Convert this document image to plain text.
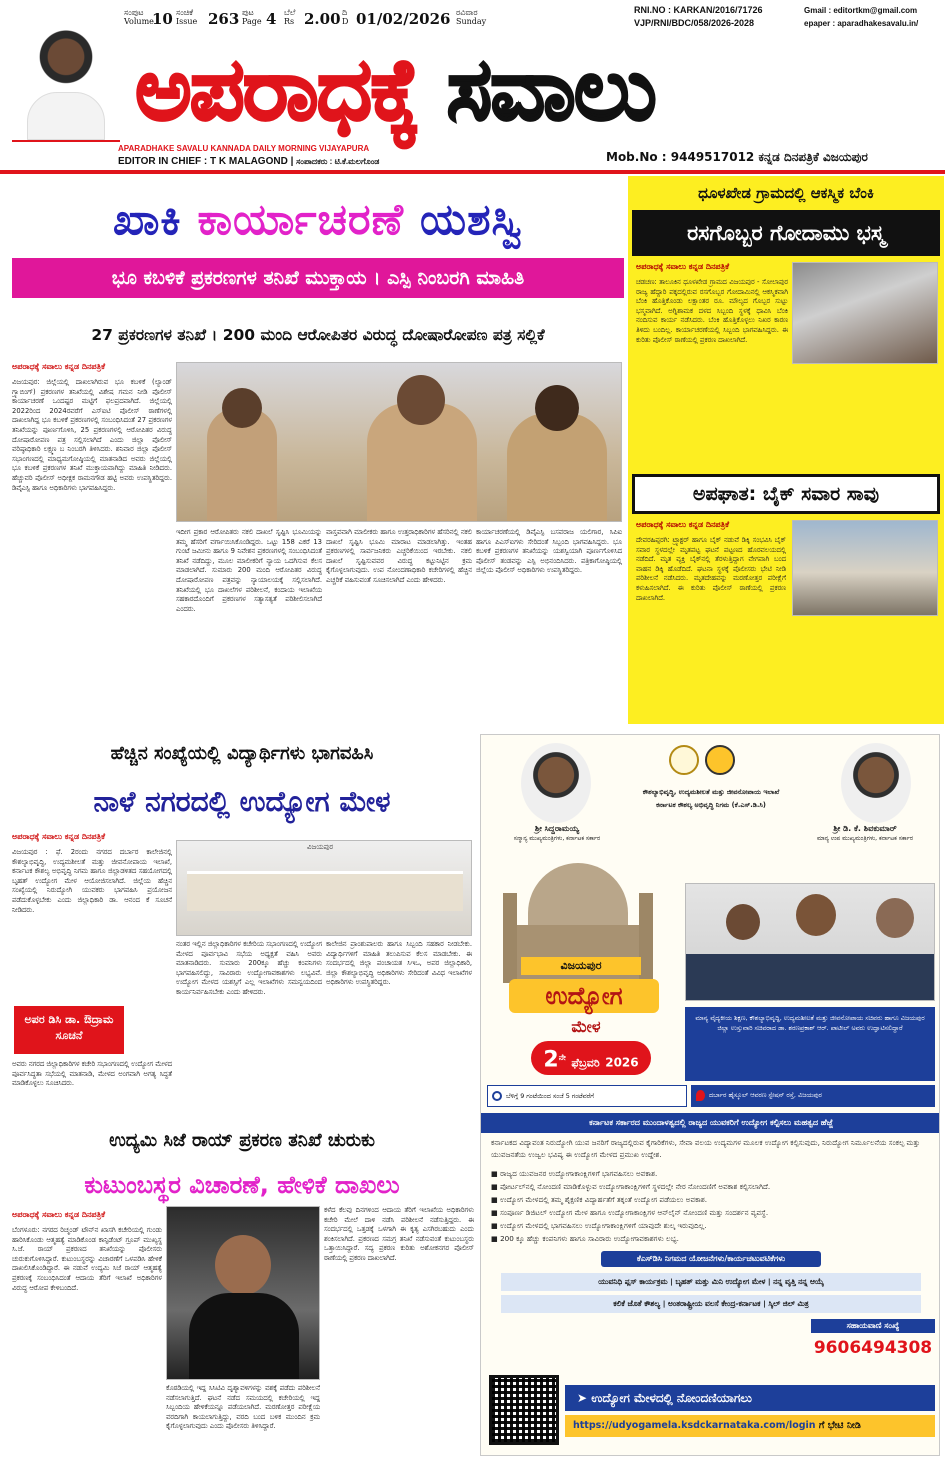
ಸಂಪುಟ
Volume
10 ಸಂಚಿಕೆ
Issue 263 ಪುಟ
Page 4 ಬೆಲೆ
Rs 2.00 ದಿ
D 01/02/2026 ರವಿವಾರ
Sunday
RNI.NO : KARKAN/2016/71726
VJP/RNI/BDC/058/2026-2028
Gmail : editortkm@gmail.com
epaper : aparadhakesavalu.in/
ಅಪರಾಧಕ್ಕೆ ಸವಾಲು
APARADHAKE SAVALU KANNADA DAILY MORNING VIJAYAPURA
EDITOR IN CHIEF : T K MALAGOND | ಸಂಪಾದಕರು : ಟಿ.ಕೆ.ಮಲಗೊಂಡ	Mob.No : 9449517012 ಕನ್ನಡ ದಿನಪತ್ರಿಕೆ ವಿಜಯಪುರ
ಖಾಕಿ ಕಾರ್ಯಾಚರಣೆ ಯಶಸ್ವಿ
ಭೂ ಕಬಳಿಕೆ ಪ್ರಕರಣಗಳ ತನಿಖೆ ಮುಕ್ತಾಯ । ಎಸ್ಪಿ ನಿಂಬರಗಿ ಮಾಹಿತಿ
27 ಪ್ರಕರಣಗಳ ತನಿಖೆ । 200 ಮಂದಿ ಆರೋಪಿತರ ವಿರುದ್ಧ ದೋಷಾರೋಪಣ ಪತ್ರ ಸಲ್ಲಿಕೆ
ಅಪರಾಧಕ್ಕೆ ಸವಾಲು ಕನ್ನಡ ದಿನಪತ್ರಿಕೆ
ವಿಜಯಪುರ: ಜಿಲ್ಲೆಯಲ್ಲಿ ದಾಖಲಾಗಿರುವ ಭೂ ಕಬಳಿಕೆ (ಲ್ಯಾಂಡ್ ಗ್ರ್ಯಾಬಿಂಗ್) ಪ್ರಕರಣಗಳ ತನಿಖೆಯಲ್ಲಿ ವಿಶೇಷ ಗಮನ ನೀಡಿ ಪೊಲೀಸ್ ಕಾರ್ಯಾಚರಣೆ ಒಂದಷ್ಟರ ಮಟ್ಟಿಗೆ ಫಲಪ್ರದವಾಗಿದೆ. ಜಿಲ್ಲೆಯಲ್ಲಿ 2022ರಿಂದ 2024ರವರೆಗೆ ಎಸ್ಐಟಿ ಪೊಲೀಸ್ ಠಾಣೆಗಳಲ್ಲಿ ದಾಖಲಾಗಿದ್ದ ಭೂ ಕಬಳಿಕೆ ಪ್ರಕರಣಗಳಲ್ಲಿ ಸಂಬಂಧಿಸಿದಂತೆ 27 ಪ್ರಕರಣಗಳ ತನಿಖೆಯನ್ನು ಪೂರ್ಣಗೊಳಿಸಿ, 25 ಪ್ರಕರಣಗಳಲ್ಲಿ ಆರೋಪಿತರ ವಿರುದ್ಧ ದೋಷಾರೋಪಣ ಪತ್ರ ಸಲ್ಲಿಸಲಾಗಿದೆ ಎಂದು ಜಿಲ್ಲಾ ಪೊಲೀಸ್ ವರಿಷ್ಠಾಧಿಕಾರಿ ಲಕ್ಷ್ಮಣ ಬ ನಿಂಬರಗಿ ತಿಳಿಸಿದರು. ಶನಿವಾರ ಜಿಲ್ಲಾ ಪೊಲೀಸ್ ಸಭಾಂಗಣದಲ್ಲಿ ಮಾಧ್ಯಮಗೋಷ್ಠಿಯಲ್ಲಿ ಮಾತನಾಡಿದ ಅವರು ಜಿಲ್ಲೆಯಲ್ಲಿ ಭೂ ಕಬಳಿಕೆ ಪ್ರಕರಣಗಳ ತನಿಖೆ ಮುಕ್ತಾಯವಾಗಿದ್ದು ಮಾಹಿತಿ ನೀಡಿದರು. ಹೆಚ್ಚುವರಿ ಪೊಲೀಸ್ ಅಧೀಕ್ಷಕ ರಾಮನಗೌಡ ಹಟ್ಟಿ ಅವರು ಉಪಸ್ಥಿತರಿದ್ದರು. ಡಿವೈಎಸ್ಪಿ ಹಾಗೂ ಅಧಿಕಾರಿಗಳು ಭಾಗವಹಿಸಿದ್ದರು.
ಇದೀಗ ಪ್ರಕಾರ ಆರೋಪಿತರು ನಕಲಿ ದಾಖಲೆ ಸೃಷ್ಟಿಸಿ ಭೂಮಿಯನ್ನು ತಮ್ಮ ಹೆಸರಿಗೆ ವರ್ಗಾಯಿಸಿಕೊಂಡಿದ್ದರು. ಒಟ್ಟು 158 ಎಕರೆ 13 ಗುಂಟೆ ಜಮೀನು ಹಾಗೂ 9 ನಿವೇಶನ ಪ್ರಕರಣಗಳಲ್ಲಿ ಸಂಬಂಧಿಸಿದಂತೆ ತನಿಖೆ ನಡೆದಿದ್ದು, ಮೂಲ ಮಾಲೀಕರಿಗೆ ನ್ಯಾಯ ಒದಗಿಸುವ ಕೆಲಸ ಮಾಡಲಾಗಿದೆ. ಸುಮಾರು 200 ಮಂದಿ ಆರೋಪಿತರ ವಿರುದ್ಧ ದೋಷಾರೋಪಣ ಪತ್ರವನ್ನು ನ್ಯಾಯಾಲಯಕ್ಕೆ ಸಲ್ಲಿಸಲಾಗಿದೆ. ತನಿಖೆಯಲ್ಲಿ ಭೂ ದಾಖಲೆಗಳ ಪರಿಶೀಲನೆ, ಕಂದಾಯ ಇಲಾಖೆಯ ಸಹಕಾರದೊಂದಿಗೆ ಪ್ರಕರಣಗಳ ಸತ್ಯಾಸತ್ಯತೆ ಪರಿಶೀಲಿಸಲಾಗಿದೆ ಎಂದರು.
ವಾಸ್ತವವಾಗಿ ಮಾಲೀಕರು ಹಾಗೂ ಉತ್ತರಾಧಿಕಾರಿಗಳ ಹೆಸರಿನಲ್ಲಿ ನಕಲಿ ದಾಖಲೆ ಸೃಷ್ಟಿಸಿ ಭೂಮಿ ಮಾರಾಟ ಮಾಡಲಾಗಿತ್ತು. ಇಂತಹ ಪ್ರಕರಣಗಳಲ್ಲಿ ಸಾರ್ವಜನಿಕರು ಎಚ್ಚರಿಕೆಯಿಂದ ಇರಬೇಕು. ನಕಲಿ ದಾಖಲೆ ಸೃಷ್ಟಿಸುವವರ ವಿರುದ್ಧ ಕಟ್ಟುನಿಟ್ಟಿನ ಕ್ರಮ ಕೈಗೊಳ್ಳಲಾಗುವುದು. ಉಪ ನೋಂದಣಾಧಿಕಾರಿ ಕಚೇರಿಗಳಲ್ಲಿ ಹೆಚ್ಚಿನ ಎಚ್ಚರಿಕೆ ವಹಿಸುವಂತೆ ಸೂಚಿಸಲಾಗಿದೆ ಎಂದು ಹೇಳಿದರು.
ಕಾರ್ಯಾಚರಣೆಯಲ್ಲಿ ಡಿವೈಎಸ್ಪಿ ಬಸವರಾಜ ಯಲಿಗಾರ, ಸಿಪಿಐ ಹಾಗೂ ಪಿಎಸ್ಐಗಳು ಸೇರಿದಂತೆ ಸಿಬ್ಬಂದಿ ಭಾಗವಹಿಸಿದ್ದರು. ಭೂ ಕಬಳಿಕೆ ಪ್ರಕರಣಗಳ ತನಿಖೆಯನ್ನು ಯಶಸ್ವಿಯಾಗಿ ಪೂರ್ಣಗೊಳಿಸಿದ ಪೊಲೀಸ್ ತಂಡವನ್ನು ಎಸ್ಪಿ ಅಭಿನಂದಿಸಿದರು. ಪತ್ರಿಕಾಗೋಷ್ಠಿಯಲ್ಲಿ ಜಿಲ್ಲೆಯ ಪೊಲೀಸ್ ಅಧಿಕಾರಿಗಳು ಉಪಸ್ಥಿತರಿದ್ದರು.
ಧೂಳಖೇಡ ಗ್ರಾಮದಲ್ಲಿ ಆಕಸ್ಮಿಕ ಬೆಂಕಿ
ರಸಗೊಬ್ಬರ ಗೋದಾಮು ಭಸ್ಮ
ಅಪರಾಧಕ್ಕೆ ಸವಾಲು ಕನ್ನಡ ದಿನಪತ್ರಿಕೆ
ಚಡಚಣ: ತಾಲೂಕಿನ ಧೂಳಖೇಡ ಗ್ರಾಮದ ವಿಜಯಪುರ - ಸೋಲಾಪುರ ರಾಜ್ಯ ಹೆದ್ದಾರಿ ಪಕ್ಕದಲ್ಲಿರುವ ರಸಗೊಬ್ಬರ ಗೋದಾಮಿನಲ್ಲಿ ಆಕಸ್ಮಿಕವಾಗಿ ಬೆಂಕಿ ಹೊತ್ತಿಕೊಂಡು ಲಕ್ಷಾಂತರ ರೂ. ಮೌಲ್ಯದ ಗೊಬ್ಬರ ಸುಟ್ಟು ಭಸ್ಮವಾಗಿದೆ. ಅಗ್ನಿಶಾಮಕ ದಳದ ಸಿಬ್ಬಂದಿ ಸ್ಥಳಕ್ಕೆ ಧಾವಿಸಿ ಬೆಂಕಿ ನಂದಿಸುವ ಕಾರ್ಯ ನಡೆಸಿದರು. ಬೆಂಕಿ ಹೊತ್ತಿಕೊಳ್ಳಲು ನಿಖರ ಕಾರಣ ತಿಳಿದು ಬಂದಿಲ್ಲ. ಕಾರ್ಯಾಚರಣೆಯಲ್ಲಿ ಸಿಬ್ಬಂದಿ ಭಾಗವಹಿಸಿದ್ದರು. ಈ ಕುರಿತು ಪೊಲೀಸ್ ಠಾಣೆಯಲ್ಲಿ ಪ್ರಕರಣ ದಾಖಲಾಗಿದೆ.
ಅಪಘಾತ: ಬೈಕ್ ಸವಾರ ಸಾವು
ಅಪರಾಧಕ್ಕೆ ಸವಾಲು ಕನ್ನಡ ದಿನಪತ್ರಿಕೆ
ದೇವರಹಿಪ್ಪರಗಿ: ಟ್ರ್ಯಾಕ್ಟರ್ ಹಾಗೂ ಬೈಕ್ ನಡುವೆ ಡಿಕ್ಕಿ ಸಂಭವಿಸಿ ಬೈಕ್ ಸವಾರ ಸ್ಥಳದಲ್ಲೇ ಮೃತಪಟ್ಟ ಘಟನೆ ಪಟ್ಟಣದ ಹೊರವಲಯದಲ್ಲಿ ನಡೆದಿದೆ. ಮೃತ ವ್ಯಕ್ತಿ ಬೈಕ್‌ನಲ್ಲಿ ತೆರಳುತ್ತಿದ್ದಾಗ ವೇಗವಾಗಿ ಬಂದ ವಾಹನ ಡಿಕ್ಕಿ ಹೊಡೆದಿದೆ. ಘಟನಾ ಸ್ಥಳಕ್ಕೆ ಪೊಲೀಸರು ಭೇಟಿ ನೀಡಿ ಪರಿಶೀಲನೆ ನಡೆಸಿದರು. ಮೃತದೇಹವನ್ನು ಮರಣೋತ್ತರ ಪರೀಕ್ಷೆಗೆ ಕಳುಹಿಸಲಾಗಿದೆ. ಈ ಕುರಿತು ಪೊಲೀಸ್ ಠಾಣೆಯಲ್ಲಿ ಪ್ರಕರಣ ದಾಖಲಾಗಿದೆ.
ಹೆಚ್ಚಿನ ಸಂಖ್ಯೆಯಲ್ಲಿ ವಿದ್ಯಾರ್ಥಿಗಳು ಭಾಗವಹಿಸಿ
ನಾಳೆ ನಗರದಲ್ಲಿ ಉದ್ಯೋಗ ಮೇಳ
ಅಪರಾಧಕ್ಕೆ ಸವಾಲು ಕನ್ನಡ ದಿನಪತ್ರಿಕೆ
ವಿಜಯಪುರ : ಫೆ. 2ರಂದು ನಗರದ ದರ್ಬಾರ ಕಾಲೇಜಿನಲ್ಲಿ ಕೌಶಲ್ಯಾಭಿವೃದ್ಧಿ, ಉದ್ಯಮಶೀಲತೆ ಮತ್ತು ಜೀವನೋಪಾಯ ಇಲಾಖೆ, ಕರ್ನಾಟಕ ಕೌಶಲ್ಯ ಅಭಿವೃದ್ಧಿ ನಿಗಮ ಹಾಗೂ ಜಿಲ್ಲಾಡಳಿತದ ಸಹಯೋಗದಲ್ಲಿ ಬೃಹತ್ ಉದ್ಯೋಗ ಮೇಳ ಆಯೋಜಿಸಲಾಗಿದೆ. ಜಿಲ್ಲೆಯ ಹೆಚ್ಚಿನ ಸಂಖ್ಯೆಯಲ್ಲಿ ನಿರುದ್ಯೋಗಿ ಯುವಕರು ಭಾಗವಹಿಸಿ ಪ್ರಯೋಜನ ಪಡೆದುಕೊಳ್ಳಬೇಕು ಎಂದು ಜಿಲ್ಲಾಧಿಕಾರಿ ಡಾ. ಆನಂದ ಕೆ ಸೂಚನೆ ನೀಡಿದರು.
ವಿಜಯಪುರ
ನಂತರ ಇಲ್ಲಿನ ಜಿಲ್ಲಾಧಿಕಾರಿಗಳ ಕಚೇರಿಯ ಸಭಾಂಗಣದಲ್ಲಿ ಉದ್ಯೋಗ ಮೇಳದ ಪೂರ್ವಭಾವಿ ಸಭೆಯ ಅಧ್ಯಕ್ಷತೆ ವಹಿಸಿ ಅವರು ಮಾತನಾಡಿದರು. ಸುಮಾರು 200ಕ್ಕೂ ಹೆಚ್ಚು ಕಂಪನಿಗಳು ಭಾಗವಹಿಸಲಿದ್ದು, ಸಾವಿರಾರು ಉದ್ಯೋಗಾವಕಾಶಗಳು ಲಭ್ಯವಿವೆ. ಉದ್ಯೋಗ ಮೇಳದ ಯಶಸ್ಸಿಗೆ ಎಲ್ಲ ಇಲಾಖೆಗಳು ಸಮನ್ವಯದಿಂದ ಕಾರ್ಯನಿರ್ವಹಿಸಬೇಕು ಎಂದು ಹೇಳಿದರು.
ಕಾಲೇಜಿನ ಪ್ರಾಂಶುಪಾಲರು ಹಾಗೂ ಸಿಬ್ಬಂದಿ ಸಹಕಾರ ನೀಡಬೇಕು. ವಿದ್ಯಾರ್ಥಿಗಳಿಗೆ ಮಾಹಿತಿ ತಲುಪಿಸುವ ಕೆಲಸ ಮಾಡಬೇಕು. ಈ ಸಂದರ್ಭದಲ್ಲಿ ಜಿಲ್ಲಾ ಪಂಚಾಯತ ಸಿಇಒ, ಅಪರ ಜಿಲ್ಲಾಧಿಕಾರಿ, ಜಿಲ್ಲಾ ಕೌಶಲ್ಯಾಭಿವೃದ್ಧಿ ಅಧಿಕಾರಿಗಳು ಸೇರಿದಂತೆ ವಿವಿಧ ಇಲಾಖೆಗಳ ಅಧಿಕಾರಿಗಳು ಉಪಸ್ಥಿತರಿದ್ದರು.
ಅಪರ ಡಿಸಿ ಡಾ. ಔದ್ರಾಮ ಸೂಚನೆ
ಅವರು ನಗರದ ಜಿಲ್ಲಾಧಿಕಾರಿಗಳ ಕಚೇರಿ ಸಭಾಂಗಣದಲ್ಲಿ ಉದ್ಯೋಗ ಮೇಳದ ಪೂರ್ವಸಿದ್ಧತಾ ಸಭೆಯಲ್ಲಿ ಮಾತನಾಡಿ, ಮೇಳದ ಅಂಗವಾಗಿ ಅಗತ್ಯ ಸಿದ್ಧತೆ ಮಾಡಿಕೊಳ್ಳಲು ಸೂಚಿಸಿದರು.
ಉದ್ಯಮಿ ಸಿಜೆ ರಾಯ್ ಪ್ರಕರಣ ತನಿಖೆ ಚುರುಕು
ಕುಟುಂಬಸ್ಥರ ವಿಚಾರಣೆ, ಹೇಳಿಕೆ ದಾಖಲು
ಅಪರಾಧಕ್ಕೆ ಸವಾಲು ಕನ್ನಡ ದಿನಪತ್ರಿಕೆ
ಬೆಂಗಳೂರು: ನಗರದ ರಿಚ್ಮಂಡ್ ಟೌನ್‌ನ ಖಾಸಗಿ ಕಚೇರಿಯಲ್ಲಿ ಗುಂಡು ಹಾರಿಸಿಕೊಂಡು ಆತ್ಮಹತ್ಯೆ ಮಾಡಿಕೊಂಡ ಕಾನ್ಫಿಡೆಂಟ್ ಗ್ರೂಪ್ ಮುಖ್ಯಸ್ಥ ಸಿ.ಜೆ. ರಾಯ್ ಪ್ರಕರಣದ ತನಿಖೆಯನ್ನು ಪೊಲೀಸರು ಚುರುಕುಗೊಳಿಸಿದ್ದಾರೆ. ಕುಟುಂಬಸ್ಥರನ್ನು ವಿಚಾರಣೆಗೆ ಒಳಪಡಿಸಿ ಹೇಳಿಕೆ ದಾಖಲಿಸಿಕೊಂಡಿದ್ದಾರೆ. ಈ ನಡುವೆ ಉದ್ಯಮಿ ಸಿಜೆ ರಾಯ್ ಆತ್ಮಹತ್ಯೆ ಪ್ರಕರಣಕ್ಕೆ ಸಂಬಂಧಿಸಿದಂತೆ ಆದಾಯ ತೆರಿಗೆ ಇಲಾಖೆ ಅಧಿಕಾರಿಗಳ ವಿರುದ್ಧ ಆರೋಪ ಕೇಳಿಬಂದಿದೆ.
ಕೊಠಡಿಯಲ್ಲಿ ಇದ್ದ ಸಿಸಿಟಿವಿ ದೃಶ್ಯಾವಳಿಗಳನ್ನು ವಶಕ್ಕೆ ಪಡೆದು ಪರಿಶೀಲನೆ ನಡೆಸಲಾಗುತ್ತಿದೆ. ಘಟನೆ ನಡೆದ ಸಮಯದಲ್ಲಿ ಕಚೇರಿಯಲ್ಲಿ ಇದ್ದ ಸಿಬ್ಬಂದಿಯ ಹೇಳಿಕೆಯನ್ನೂ ಪಡೆಯಲಾಗಿದೆ. ಮರಣೋತ್ತರ ಪರೀಕ್ಷೆಯ ವರದಿಗಾಗಿ ಕಾಯಲಾಗುತ್ತಿದ್ದು, ವರದಿ ಬಂದ ಬಳಿಕ ಮುಂದಿನ ಕ್ರಮ ಕೈಗೊಳ್ಳಲಾಗುವುದು ಎಂದು ಪೊಲೀಸರು ತಿಳಿಸಿದ್ದಾರೆ.
ಕಳೆದ ಕೆಲವು ದಿನಗಳಿಂದ ಆದಾಯ ತೆರಿಗೆ ಇಲಾಖೆಯ ಅಧಿಕಾರಿಗಳು ಕಚೇರಿ ಮೇಲೆ ದಾಳಿ ನಡೆಸಿ ಪರಿಶೀಲನೆ ನಡೆಸುತ್ತಿದ್ದರು. ಈ ಸಂದರ್ಭದಲ್ಲಿ ಒತ್ತಡಕ್ಕೆ ಒಳಗಾಗಿ ಈ ಕೃತ್ಯ ಎಸಗಿರಬಹುದು ಎಂದು ಶಂಕಿಸಲಾಗಿದೆ. ಪ್ರಕರಣದ ಸಮಗ್ರ ತನಿಖೆ ನಡೆಸುವಂತೆ ಕುಟುಂಬಸ್ಥರು ಒತ್ತಾಯಿಸಿದ್ದಾರೆ. ಸದ್ಯ ಪ್ರಕರಣ ಕುರಿತು ಅಶೋಕನಗರ ಪೊಲೀಸ್ ಠಾಣೆಯಲ್ಲಿ ಪ್ರಕರಣ ದಾಖಲಾಗಿದೆ.
ಶ್ರೀ ಸಿದ್ದರಾಮಯ್ಯ
ಸನ್ಮಾನ್ಯ ಮುಖ್ಯಮಂತ್ರಿಗಳು, ಕರ್ನಾಟಕ ಸರ್ಕಾರ
ಕೌಶಲ್ಯಾಭಿವೃದ್ಧಿ, ಉದ್ಯಮಶೀಲತೆ ಮತ್ತು ಜೀವನೋಪಾಯ ಇಲಾಖೆ
ಕರ್ನಾಟಕ ಕೌಶಲ್ಯ ಅಭಿವೃದ್ಧಿ ನಿಗಮ (ಕೆ.ಎಸ್.ಡಿ.ಸಿ)
ಶ್ರೀ ಡಿ. ಕೆ. ಶಿವಕುಮಾರ್
ಮಾನ್ಯ ಉಪ ಮುಖ್ಯಮಂತ್ರಿಗಳು, ಕರ್ನಾಟಕ ಸರ್ಕಾರ
ವಿಜಯಪುರ
ಉದ್ಯೋಗ
ಮೇಳ
$2^{ನೇ}$ ಫೆಬ್ರವರಿ 2026
ಮಾನ್ಯ ವೈದ್ಯಕೀಯ ಶಿಕ್ಷಣ, ಕೌಶಲ್ಯಾಭಿವೃದ್ಧಿ, ಉದ್ಯಮಶೀಲತೆ ಮತ್ತು ಜೀವನೋಪಾಯ ಸಚಿವರು ಹಾಗೂ ವಿಜಯಪುರ ಜಿಲ್ಲಾ ಉಸ್ತುವಾರಿ ಸಚಿವರಾದ ಡಾ. ಶರಣಪ್ರಕಾಶ್ ಆರ್. ಪಾಟೀಲ್ ಅವರು ಉದ್ಘಾಟಿಸಲಿದ್ದಾರೆ
ಬೆಳಿಗ್ಗೆ 9 ಗಂಟೆಯಿಂದ ಸಂಜೆ 5 ಗಂಟೆವರೆಗೆ	ದರ್ಬಾರ ಹೈಸ್ಕೂಲ್ ಆವರಣ ಸ್ಟೇಷನ್ ರಸ್ತೆ, ವಿಜಯಪುರ
ಕರ್ನಾಟಕ ಸರ್ಕಾರದ ಮುಂದಾಳತ್ವದಲ್ಲಿ ರಾಜ್ಯದ ಯುವಕರಿಗೆ ಉದ್ಯೋಗ ಕಲ್ಪಿಸಲು ಮಹತ್ವದ ಹೆಜ್ಜೆ
ಕರ್ನಾಟಕದ ವಿದ್ಯಾವಂತ ನಿರುದ್ಯೋಗಿ ಯುವ ಜನರಿಗೆ ರಾಜ್ಯದಲ್ಲಿರುವ ಕೈಗಾರಿಕೆಗಳು, ಸೇವಾ ವಲಯ ಉದ್ಯಮಗಳ ಮೂಲಕ ಉದ್ಯೋಗ ಕಲ್ಪಿಸುವುದು, ನಿರುದ್ಯೋಗ ನಿರ್ಮೂಲನೆಯ ಸಂಕಲ್ಪ ಮತ್ತು ಯುವಜನತೆಯ ಉಜ್ವಲ ಭವಿಷ್ಯ ಈ ಉದ್ಯೋಗ ಮೇಳದ ಪ್ರಮುಖ ಉದ್ದೇಶ.
■ ರಾಜ್ಯದ ಯುವಜನರ ಉದ್ಯೋಗಾಕಾಂಕ್ಷಿಗಳಿಗೆ ಭಾಗವಹಿಸಲು ಅವಕಾಶ.
■ ಪೋರ್ಟಲ್‌ನಲ್ಲಿ ನೋಂದಣಿ ಮಾಡಿಕೊಳ್ಳುವ ಉದ್ಯೋಗಾಕಾಂಕ್ಷಿಗಳಿಗೆ ಸ್ಥಳದಲ್ಲೇ ನೇರ ನೋಂದಣಿಗೆ ಅವಕಾಶ ಕಲ್ಪಿಸಲಾಗಿದೆ.
■ ಉದ್ಯೋಗ ಮೇಳದಲ್ಲಿ ತಮ್ಮ ಶೈಕ್ಷಣಿಕ ವಿದ್ಯಾರ್ಹತೆಗೆ ತಕ್ಕಂತೆ ಉದ್ಯೋಗ ಪಡೆಯಲು ಅವಕಾಶ.
■ ಸಂಪೂರ್ಣ ಡಿಜಿಟಲ್ ಉದ್ಯೋಗ ಮೇಳ ಹಾಗೂ ಉದ್ಯೋಗಾಕಾಂಕ್ಷಿಗಳ ಆನ್‌ಲೈನ್ ನೋಂದಣಿ ಮತ್ತು ಸಂದರ್ಶನ ವ್ಯವಸ್ಥೆ.
■ ಉದ್ಯೋಗ ಮೇಳದಲ್ಲಿ ಭಾಗವಹಿಸಲು ಉದ್ಯೋಗಾಕಾಂಕ್ಷಿಗಳಿಗೆ ಯಾವುದೇ ಶುಲ್ಕ ಇರುವುದಿಲ್ಲ.
■ 200 ಕ್ಕೂ ಹೆಚ್ಚು ಕಂಪನಿಗಳು ಹಾಗೂ ಸಾವಿರಾರು ಉದ್ಯೋಗಾವಕಾಶಗಳು ಲಭ್ಯ.
ಕೆಎಸ್‌ಡಿಸಿ ನಿಗಮದ ಯೋಜನೆಗಳು/ಕಾರ್ಯಚಟುವಟಿಕೆಗಳು
ಯುವನಿಧಿ ಪ್ಲಸ್ ಕಾರ್ಯಕ್ರಮ | ಬೃಹತ್ ಮತ್ತು ಮಿನಿ ಉದ್ಯೋಗ ಮೇಳ | ನನ್ನ ವೃತ್ತಿ ನನ್ನ ಆಯ್ಕೆ
ಕಲಿಕೆ ಜೊತೆ ಕೌಶಲ್ಯ | ಅಂತರಾಷ್ಟ್ರೀಯ ವಲಸೆ ಕೇಂದ್ರ-ಕರ್ನಾಟಕ | ಸ್ಕಿಲ್ ಜಿಲ್ ಮಿತ್ರ
ಸಹಾಯವಾಣಿ ಸಂಖ್ಯೆ
9606494308
➤ ಉದ್ಯೋಗ ಮೇಳದಲ್ಲಿ ನೋಂದಣಿಯಾಗಲು
https://udyogamela.ksdckarnataka.com/login ಗೆ ಭೇಟಿ ನೀಡಿ
